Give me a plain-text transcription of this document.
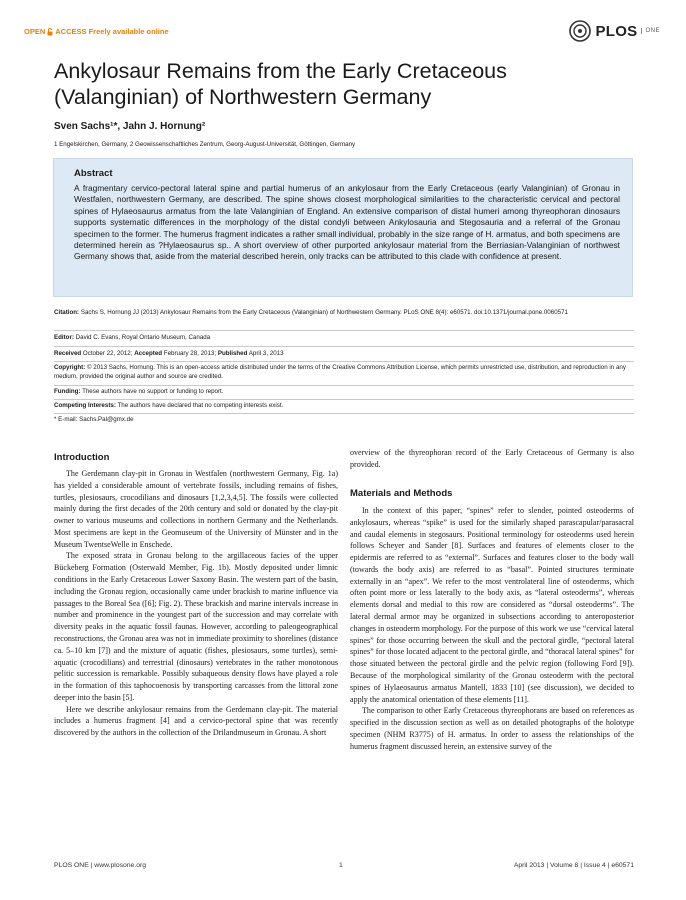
OPEN ACCESS Freely available online	PLOS	ONE
Ankylosaur Remains from the Early Cretaceous (Valanginian) of Northwestern Germany
Sven Sachs¹*, Jahn J. Hornung²
1 Engelskirchen, Germany, 2 Geowissenschaftliches Zentrum, Georg-August-Universität, Göttingen, Germany
Abstract
A fragmentary cervico-pectoral lateral spine and partial humerus of an ankylosaur from the Early Cretaceous (early Valanginian) of Gronau in Westfalen, northwestern Germany, are described. The spine shows closest morphological similarities to the characteristic cervical and pectoral spines of Hylaeosaurus armatus from the late Valanginian of England. An extensive comparison of distal humeri among thyreophoran dinosaurs supports systematic differences in the morphology of the distal condyli between Ankylosauria and Stegosauria and a referral of the Gronau specimen to the former. The humerus fragment indicates a rather small individual, probably in the size range of H. armatus, and both specimens are determined herein as ?Hylaeosaurus sp.. A short overview of other purported ankylosaur material from the Berriasian-Valanginian of northwest Germany shows that, aside from the material described herein, only tracks can be attributed to this clade with confidence at present.
Citation: Sachs S, Hornung JJ (2013) Ankylosaur Remains from the Early Cretaceous (Valanginian) of Northwestern Germany. PLoS ONE 8(4): e60571. doi:10.1371/journal.pone.0060571
Editor: David C. Evans, Royal Ontario Museum, Canada
Received October 22, 2012; Accepted February 28, 2013; Published April 3, 2013
Copyright: © 2013 Sachs, Hornung. This is an open-access article distributed under the terms of the Creative Commons Attribution License, which permits unrestricted use, distribution, and reproduction in any medium, provided the original author and source are credited.
Funding: These authors have no support or funding to report.
Competing Interests: The authors have declared that no competing interests exist.
* E-mail: Sachs.Pal@gmx.de
Introduction

The Gerdemann clay-pit in Gronau in Westfalen (northwestern Germany, Fig. 1a) has yielded a considerable amount of vertebrate fossils, including remains of fishes, turtles, plesiosaurs, crocodilians and dinosaurs [1,2,3,4,5]. The fossils were collected mainly during the first decades of the 20th century and sold or donated by the clay-pit owner to various museums and collections in northern Germany and the Netherlands. Most specimens are kept in the Geomuseum of the University of Münster and in the Museum TwentseWelle in Enschede.

The exposed strata in Gronau belong to the argillaceous facies of the upper Bückeberg Formation (Osterwald Member, Fig. 1b). Mostly deposited under limnic conditions in the Early Cretaceous Lower Saxony Basin. The western part of the basin, including the Gronau region, occasionally came under brackish to marine influence via passages to the Boreal Sea ([6]; Fig. 2). These brackish and marine intervals increase in number and prominence in the youngest part of the succession and may correlate with diversity peaks in the aquatic fossil faunas. However, according to paleogeographical reconstructions, the Gronau area was not in immediate proximity to shorelines (distance ca. 5–10 km [7]) and the mixture of aquatic (fishes, plesiosaurs, some turtles), semi-aquatic (crocodilians) and terrestrial (dinosaurs) vertebrates in the rather monotonous pelitic succession is remarkable. Possibly subaqueous density flows have played a role in the formation of this taphocoenosis by transporting carcasses from the littoral zone deeper into the basin [5].

Here we describe ankylosaur remains from the Gerdemann clay-pit. The material includes a humerus fragment [4] and a cervico-pectoral spine that was recently discovered by the authors in the collection of the Drilandmuseum in Gronau. A short

overview of the thyreophoran record of the Early Cretaceous of Germany is also provided.

Materials and Methods

In the context of this paper, “spines” refer to slender, pointed osteoderms of ankylosaurs, whereas “spike” is used for the similarly shaped parascapular/parasacral and caudal elements in stegosaurs. Positional terminology for osteoderms used herein follows Scheyer and Sander [8]. Surfaces and features of elements closer to the epidermis are referred to as “external”. Surfaces and features closer to the body wall (towards the body axis) are referred to as “basal”. Pointed structures terminate externally in an “apex”. We refer to the most ventrolateral line of osteoderms, which often point more or less laterally to the body axis, as “lateral osteoderms”, whereas elements dorsal and medial to this row are considered as “dorsal osteoderms”. The lateral dermal armor may be organized in subsections according to anteroposterior changes in osteoderm morphology. For the purpose of this work we use “cervical lateral spines” for those occurring between the skull and the pectoral girdle, “pectoral lateral spines” for those located adjacent to the pectoral girdle, and “thoracal lateral spines” for those situated between the pectoral girdle and the pelvic region (following Ford [9]). Because of the morphological similarity of the Gronau osteoderm with the pectoral spines of Hylaeosaurus armatus Mantell, 1833 [10] (see discussion), we decided to apply the anatomical orientation of these elements [11].

The comparison to other Early Cretaceous thyreophorans are based on references as specified in the discussion section as well as on detailed photographs of the holotype specimen (NHM R3775) of H. armatus. In order to assess the relationships of the humerus fragment discussed herein, an extensive survey of the

PLOS ONE | www.plosone.org	1	April 2013 | Volume 8 | Issue 4 | e60571
